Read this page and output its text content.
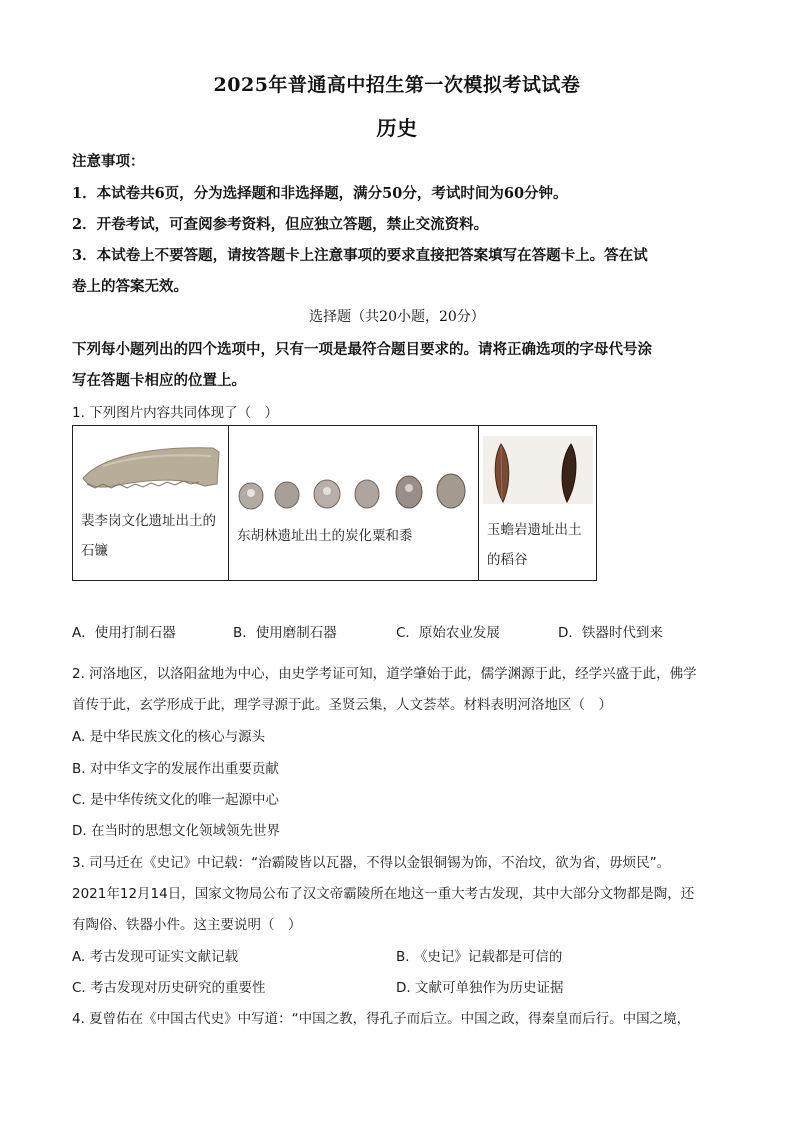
2025年普通高中招生第一次模拟考试试卷
历史
注意事项：
1．本试卷共6页，分为选择题和非选择题，满分50分，考试时间为60分钟。
2．开卷考试，可查阅参考资料，但应独立答题，禁止交流资料。
3．本试卷上不要答题，请按答题卡上注意事项的要求直接把答案填写在答题卡上。答在试
卷上的答案无效。
选择题（共20小题，20分）
下列每小题列出的四个选项中，只有一项是最符合题目要求的。请将正确选项的字母代号涂
写在答题卡相应的位置上。
1. 下列图片内容共同体现了（　）
裴李岗文化遗址出土的
石镰

东胡林遗址出土的炭化粟和黍	玉蟾岩遗址出土
的稻谷
A．使用打制石器	B．使用磨制石器	C．原始农业发展	D．铁器时代到来
2. 河洛地区，以洛阳盆地为中心，由史学考证可知，道学肇始于此，儒学渊源于此，经学兴盛于此，佛学
首传于此，玄学形成于此，理学寻源于此。圣贤云集，人文荟萃。材料表明河洛地区（　）
A. 是中华民族文化的核心与源头
B. 对中华文字的发展作出重要贡献
C. 是中华传统文化的唯一起源中心
D. 在当时的思想文化领域领先世界
3. 司马迁在《史记》中记载：“治霸陵皆以瓦器，不得以金银铜锡为饰，不治坟，欲为省，毋烦民”。
2021年12月14日，国家文物局公布了汉文帝霸陵所在地这一重大考古发现，其中大部分文物都是陶，还
有陶俗、铁器小件。这主要说明（　）
A. 考古发现可证实文献记载	B. 《史记》记载都是可信的
C. 考古发现对历史研究的重要性	D. 文献可单独作为历史证据
4. 夏曾佑在《中国古代史》中写道：“中国之教，得孔子而后立。中国之政，得秦皇而后行。中国之境，
